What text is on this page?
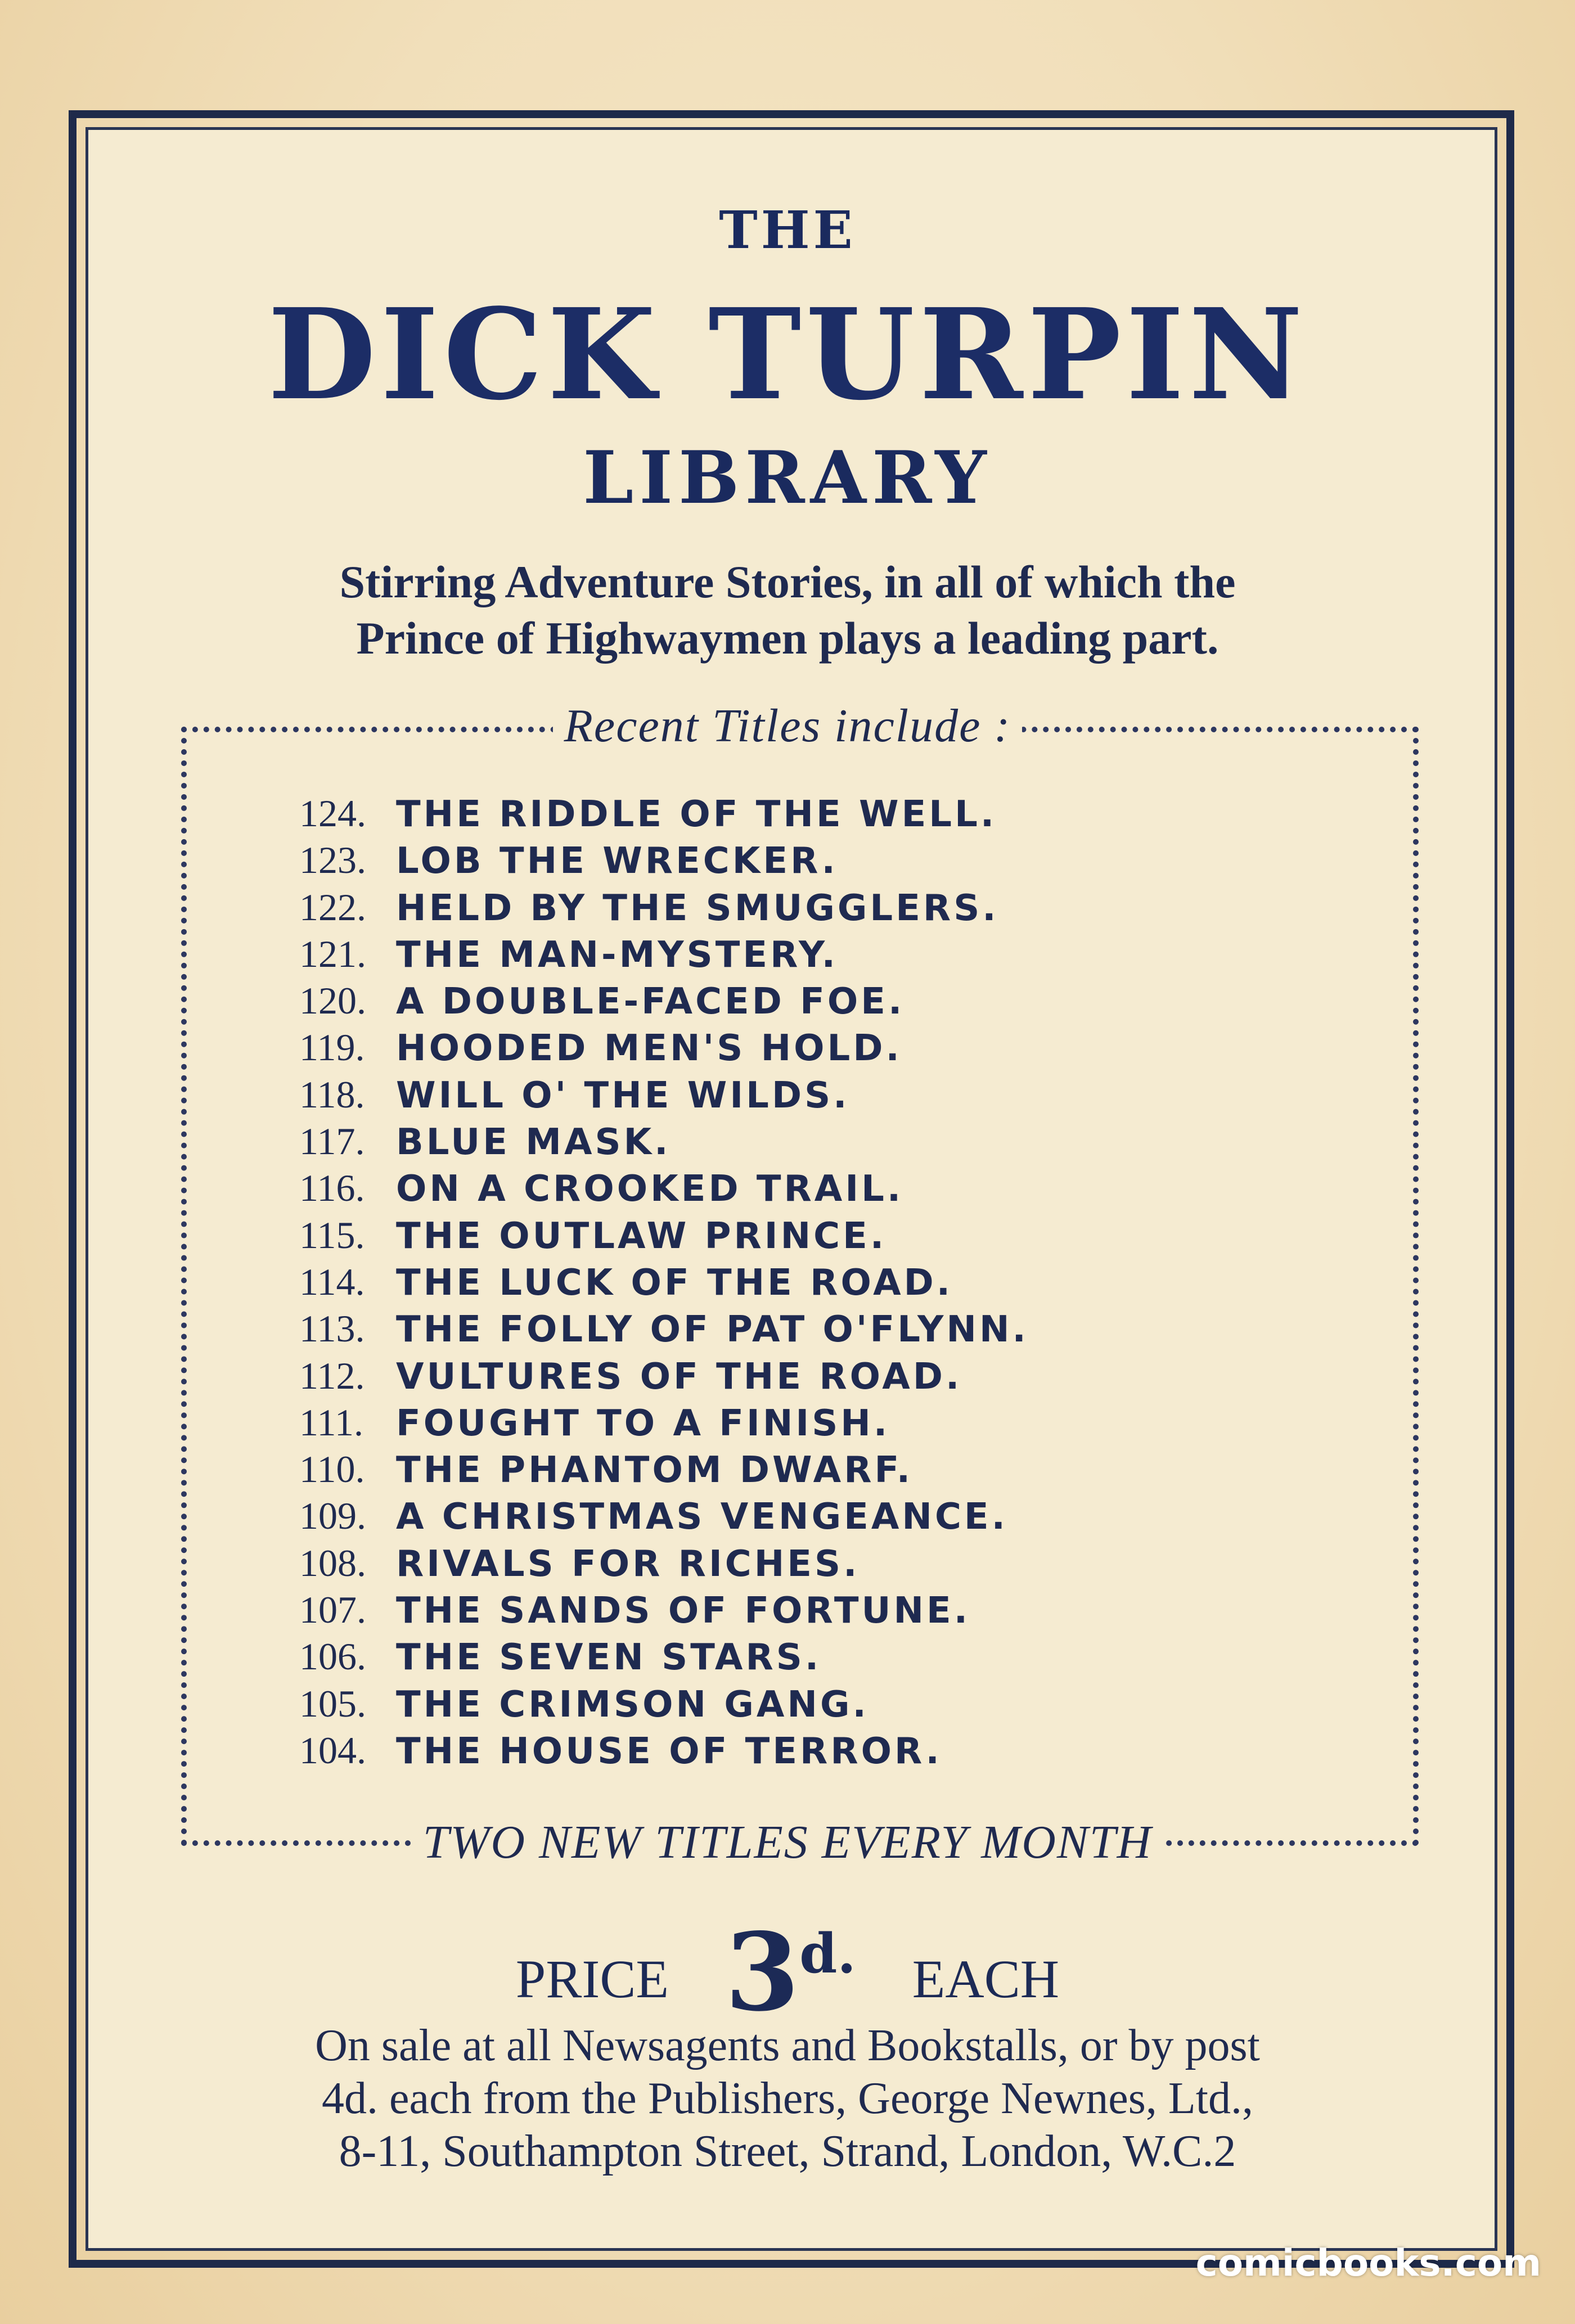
THE
DICK TURPIN
LIBRARY
Stirring Adventure Stories, in all of which the
Prince of Highwaymen plays a leading part.
Recent Titles include :
124. THE RIDDLE OF THE WELL.
123. LOB THE WRECKER.
122. HELD BY THE SMUGGLERS.
121. THE MAN-MYSTERY.
120. A DOUBLE-FACED FOE.
119. HOODED MEN'S HOLD.
118. WILL O' THE WILDS.
117. BLUE MASK.
116. ON A CROOKED TRAIL.
115. THE OUTLAW PRINCE.
114. THE LUCK OF THE ROAD.
113. THE FOLLY OF PAT O'FLYNN.
112. VULTURES OF THE ROAD.
111. FOUGHT TO A FINISH.
110. THE PHANTOM DWARF.
109. A CHRISTMAS VENGEANCE.
108. RIVALS FOR RICHES.
107. THE SANDS OF FORTUNE.
106. THE SEVEN STARS.
105. THE CRIMSON GANG.
104. THE HOUSE OF TERROR.
TWO NEW TITLES EVERY MONTH
PRICE 3d. EACH
On sale at all Newsagents and Bookstalls, or by post
4d. each from the Publishers, George Newnes, Ltd.,
8-11, Southampton Street, Strand, London, W.C.2
comicbooks.com
